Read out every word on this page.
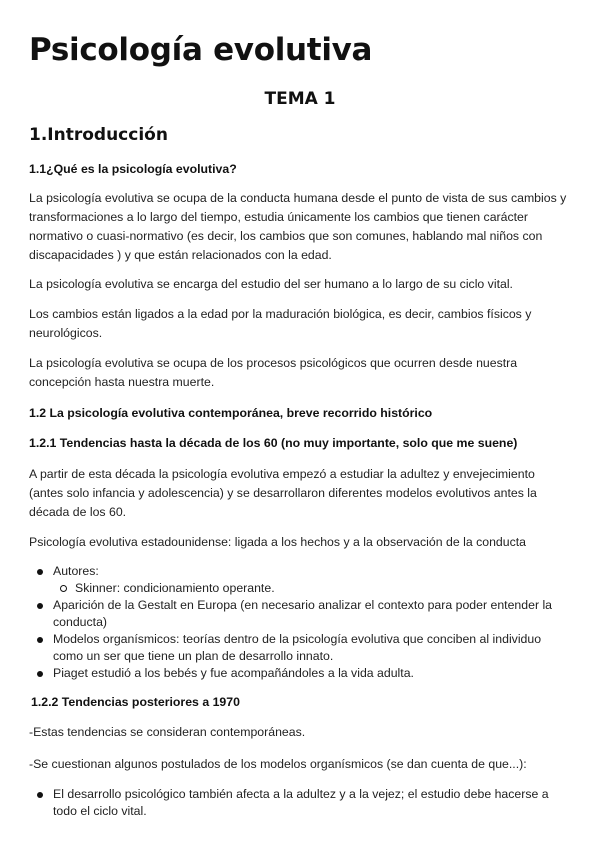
Psicología evolutiva
TEMA 1
1.Introducción
1.1¿Qué es la psicología evolutiva?

La psicología evolutiva se ocupa de la conducta humana desde el punto de vista de sus cambios y transformaciones a lo largo del tiempo, estudia únicamente los cambios que tienen carácter normativo o cuasi-normativo (es decir, los cambios que son comunes, hablando mal niños con discapacidades ) y que están relacionados con la edad.

La psicología evolutiva se encarga del estudio del ser humano a lo largo de su ciclo vital.

Los cambios están ligados a la edad por la maduración biológica, es decir, cambios físicos y neurológicos.

La psicología evolutiva se ocupa de los procesos psicológicos que ocurren desde nuestra concepción hasta nuestra muerte.

1.2 La psicología evolutiva contemporánea, breve recorrido histórico
1.2.1 Tendencias hasta la década de los 60 (no muy importante, solo que me suene)

A partir de esta década la psicología evolutiva empezó a estudiar la adultez y envejecimiento (antes solo infancia y adolescencia) y se desarrollaron diferentes modelos evolutivos antes la década de los 60.

Psicología evolutiva estadounidense: ligada a los hechos y a la observación de la conducta

Autores:
Skinner: condicionamiento operante.
Aparición de la Gestalt en Europa (en necesario analizar el contexto para poder entender la conducta)
Modelos organísmicos: teorías dentro de la psicología evolutiva que conciben al individuo como un ser que tiene un plan de desarrollo innato.
Piaget estudió a los bebés y fue acompañándoles a la vida adulta.
1.2.2 Tendencias posteriores a 1970

-Estas tendencias se consideran contemporáneas.

-Se cuestionan algunos postulados de los modelos organísmicos (se dan cuenta de que...):

El desarrollo psicológico también afecta a la adultez y a la vejez; el estudio debe hacerse a todo el ciclo vital.
